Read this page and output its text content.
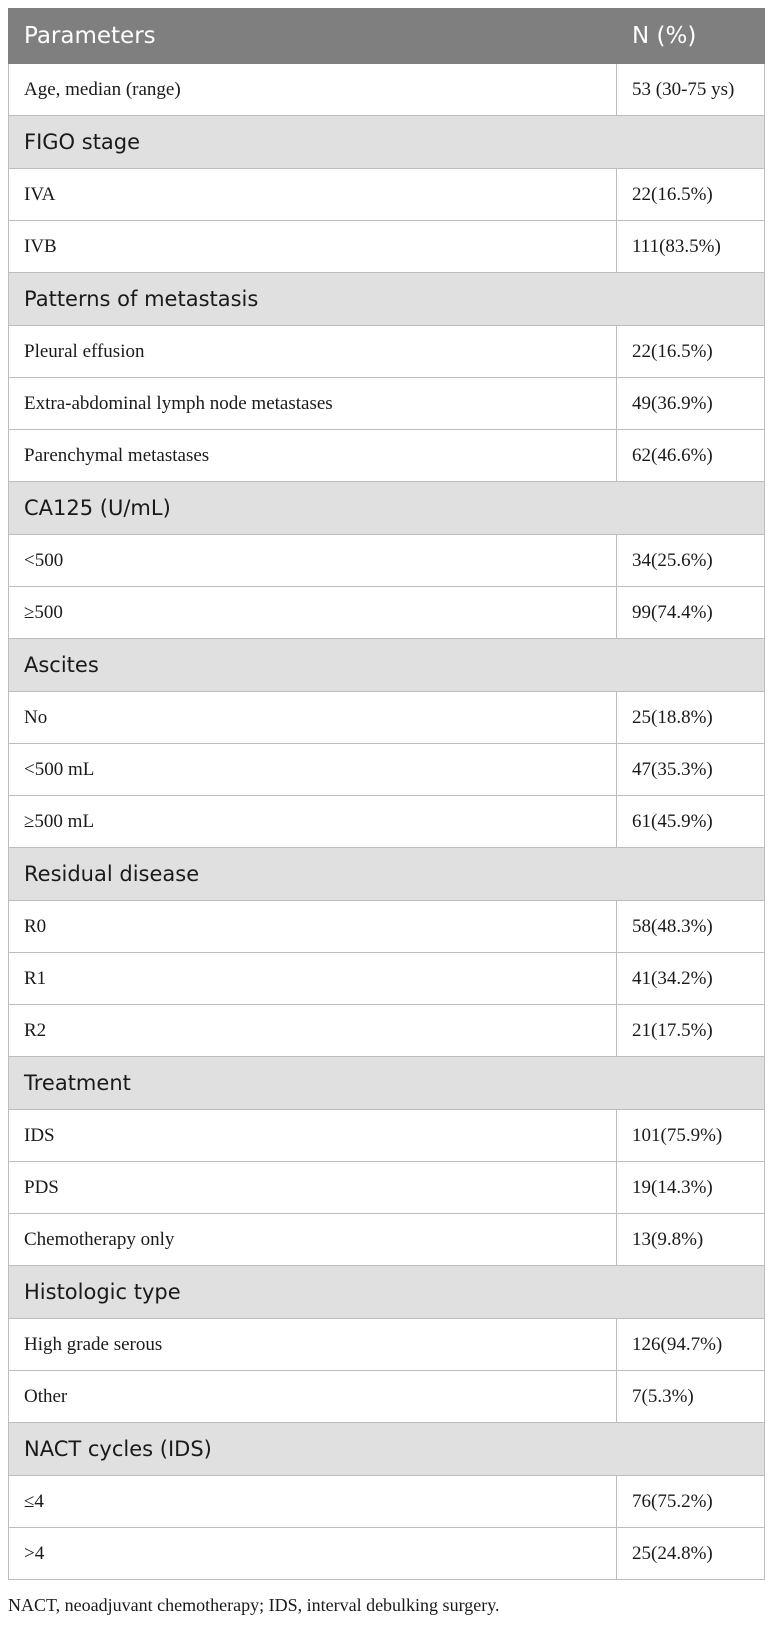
Parameters	N (%)
Age, median (range)	53 (30-75 ys)
FIGO stage	
IVA	22(16.5%)
IVB	111(83.5%)
Patterns of metastasis	
Pleural effusion	22(16.5%)
Extra-abdominal lymph node metastases	49(36.9%)
Parenchymal metastases	62(46.6%)
CA125 (U/mL)	
<500	34(25.6%)
≥500	99(74.4%)
Ascites	
No	25(18.8%)
<500 mL	47(35.3%)
≥500 mL	61(45.9%)
Residual disease	
R0	58(48.3%)
R1	41(34.2%)
R2	21(17.5%)
Treatment	
IDS	101(75.9%)
PDS	19(14.3%)
Chemotherapy only	13(9.8%)
Histologic type	
High grade serous	126(94.7%)
Other	7(5.3%)
NACT cycles (IDS)	
≤4	76(75.2%)
>4	25(24.8%)
NACT, neoadjuvant chemotherapy; IDS, interval debulking surgery.
